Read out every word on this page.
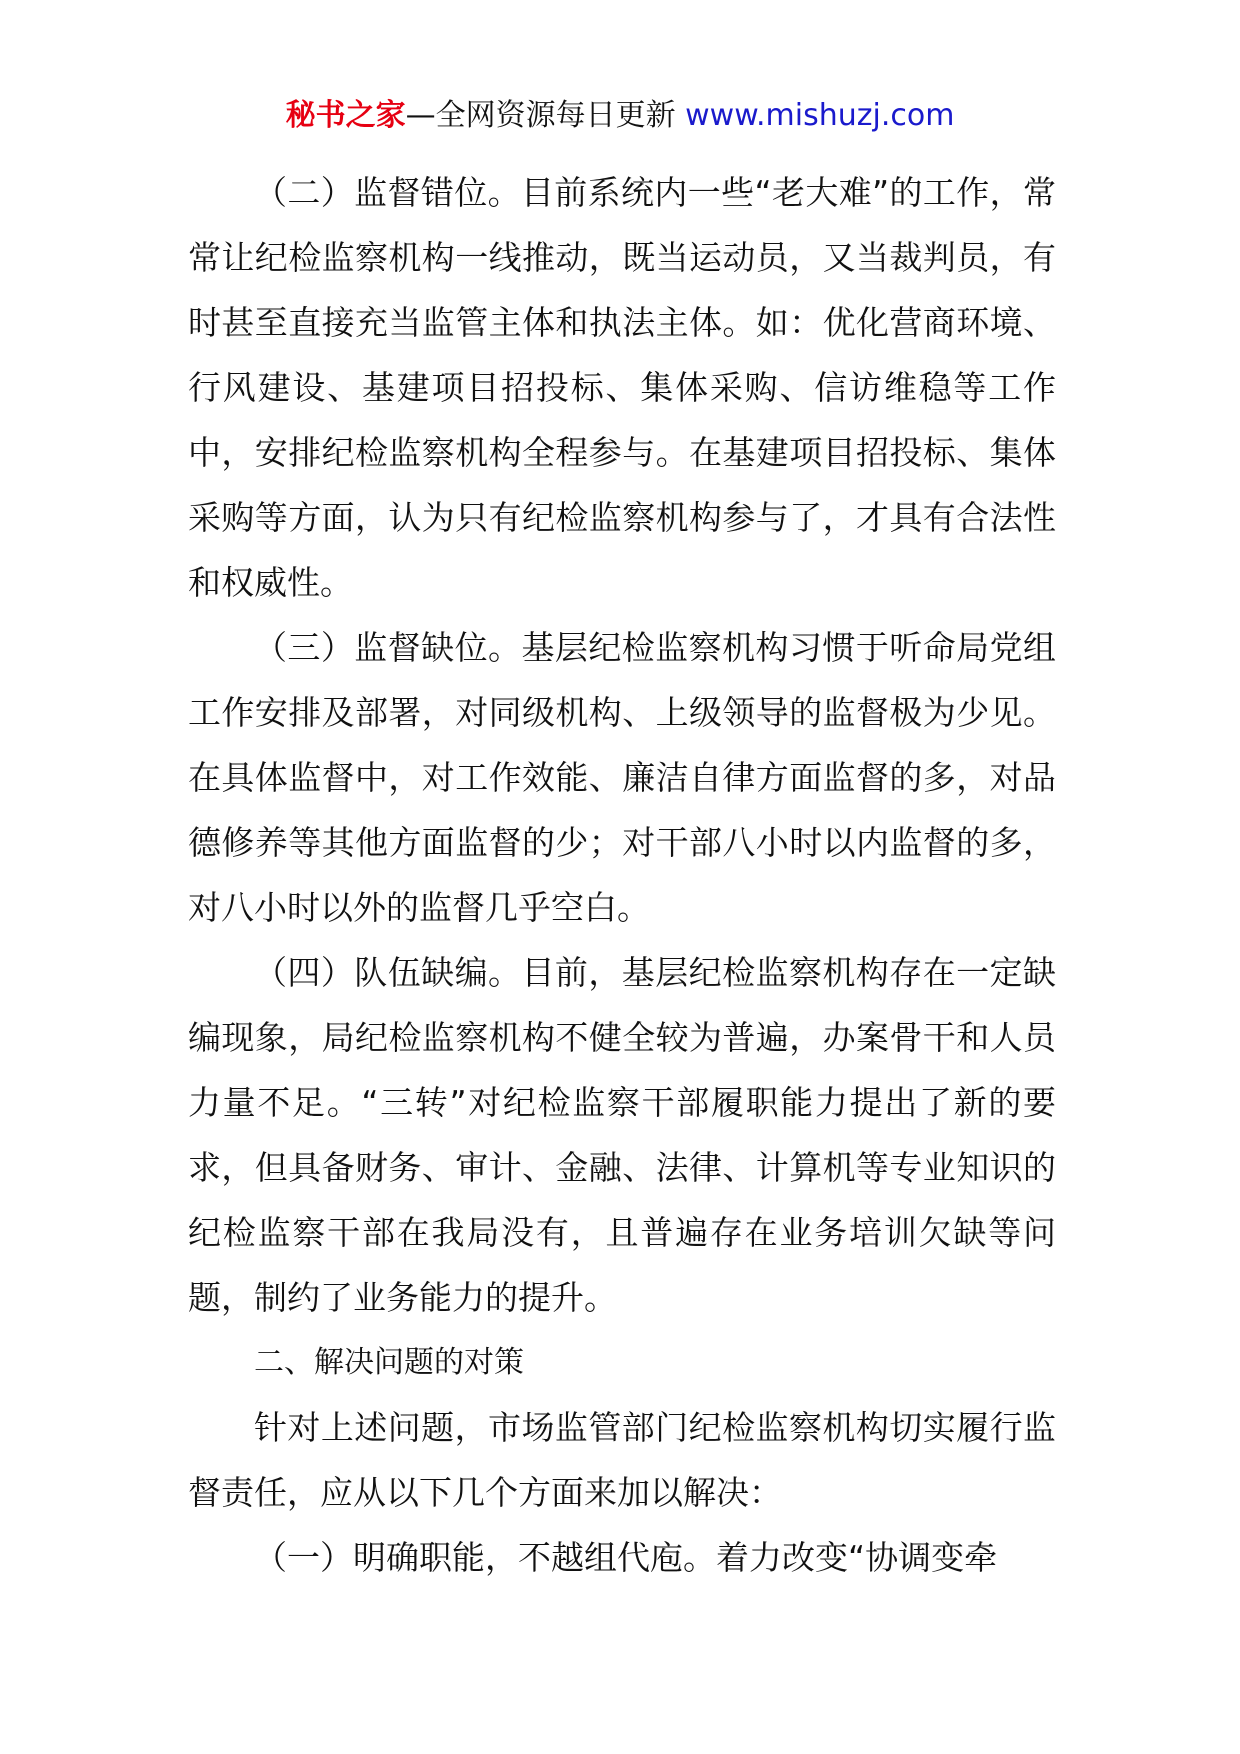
秘书之家—全网资源每日更新 www.mishuzj.com

（二）监督错位。目前系统内一些“老大难”的工作，常常让纪检监察机构一线推动，既当运动员，又当裁判员，有时甚至直接充当监管主体和执法主体。如：优化营商环境、行风建设、基建项目招投标、集体采购、信访维稳等工作中，安排纪检监察机构全程参与。在基建项目招投标、集体采购等方面，认为只有纪检监察机构参与了，才具有合法性和权威性。

（三）监督缺位。基层纪检监察机构习惯于听命局党组工作安排及部署，对同级机构、上级领导的监督极为少见。在具体监督中，对工作效能、廉洁自律方面监督的多，对品德修养等其他方面监督的少；对干部八小时以内监督的多，对八小时以外的监督几乎空白。

（四）队伍缺编。目前，基层纪检监察机构存在一定缺编现象，局纪检监察机构不健全较为普遍，办案骨干和人员力量不足。“三转”对纪检监察干部履职能力提出了新的要求，但具备财务、审计、金融、法律、计算机等专业知识的纪检监察干部在我局没有，且普遍存在业务培训欠缺等问题，制约了业务能力的提升。

二、解决问题的对策

针对上述问题，市场监管部门纪检监察机构切实履行监督责任，应从以下几个方面来加以解决：

（一）明确职能，不越组代庖。着力改变“协调变牵
